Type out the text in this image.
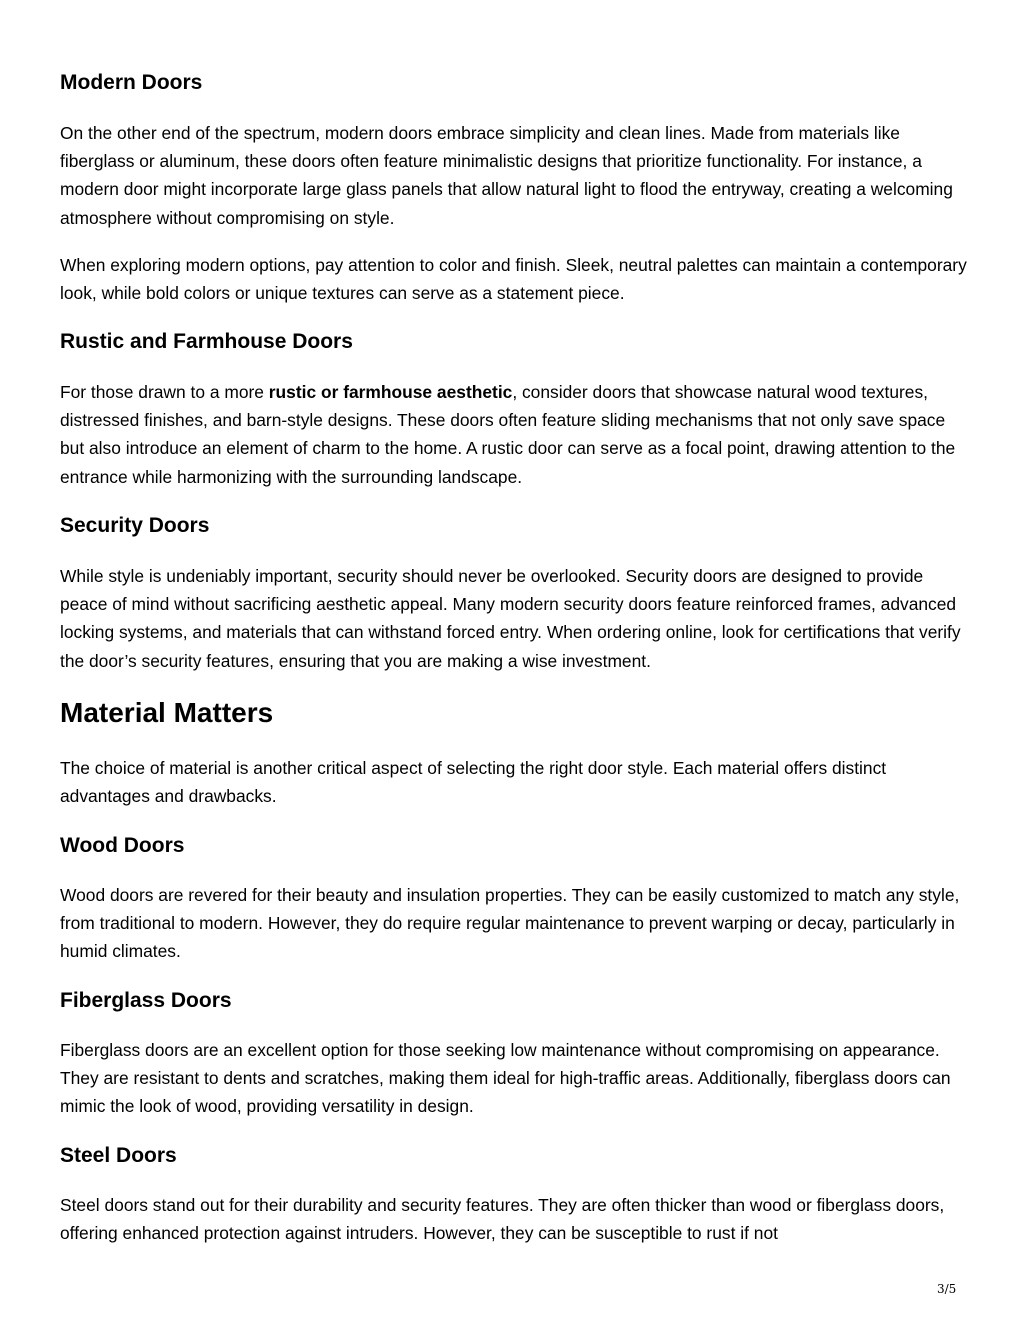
Modern Doors

On the other end of the spectrum, modern doors embrace simplicity and clean lines. Made from materials like fiberglass or aluminum, these doors often feature minimalistic designs that prioritize functionality. For instance, a modern door might incorporate large glass panels that allow natural light to flood the entryway, creating a welcoming atmosphere without compromising on style.

When exploring modern options, pay attention to color and finish. Sleek, neutral palettes can maintain a contemporary look, while bold colors or unique textures can serve as a statement piece.

Rustic and Farmhouse Doors

For those drawn to a more rustic or farmhouse aesthetic, consider doors that showcase natural wood textures, distressed finishes, and barn-style designs. These doors often feature sliding mechanisms that not only save space but also introduce an element of charm to the home. A rustic door can serve as a focal point, drawing attention to the entrance while harmonizing with the surrounding landscape.

Security Doors

While style is undeniably important, security should never be overlooked. Security doors are designed to provide peace of mind without sacrificing aesthetic appeal. Many modern security doors feature reinforced frames, advanced locking systems, and materials that can withstand forced entry. When ordering online, look for certifications that verify the door’s security features, ensuring that you are making a wise investment.

Material Matters

The choice of material is another critical aspect of selecting the right door style. Each material offers distinct advantages and drawbacks.

Wood Doors

Wood doors are revered for their beauty and insulation properties. They can be easily customized to match any style, from traditional to modern. However, they do require regular maintenance to prevent warping or decay, particularly in humid climates.

Fiberglass Doors

Fiberglass doors are an excellent option for those seeking low maintenance without compromising on appearance. They are resistant to dents and scratches, making them ideal for high-traffic areas. Additionally, fiberglass doors can mimic the look of wood, providing versatility in design.

Steel Doors

Steel doors stand out for their durability and security features. They are often thicker than wood or fiberglass doors, offering enhanced protection against intruders. However, they can be susceptible to rust if not

3/5
